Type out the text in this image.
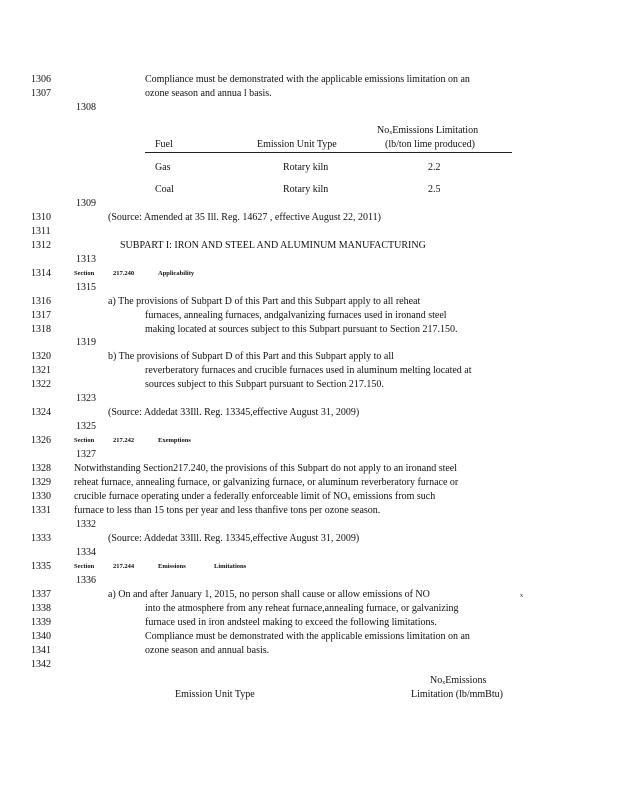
1306
1307
1308
1309
1310
1311
1312
1313
1314
1315
1316
1317
1318
1319
1320
1321
1322
1323
1324
1325
1326
1327
1328
1329
1330
1331
1332
1333
1334
1335
1336
1337
1338
1339
1340
1341
1342
Compliance must be demonstrated with the applicable emissions limitation on an
ozone season and annua l basis.
$No_xEmissions$ Limitation
Fuel	Emission Unit Type	(lb/ton lime produced)
Gas	Rotary kiln	2.2
Coal	Rotary kiln	2.5
(Source: Amended at 35 Ill. Reg. 14627 , effective August 22, 2011)
SUBPART I: IRON AND STEEL AND ALUMINUM MANUFACTURING
Section	217.240	Applicability
a) The provisions of Subpart D of this Part and this Subpart apply to all reheat
furnaces, annealing furnaces, andgalvanizing furnaces used in ironand steel
making located at sources subject to this Subpart pursuant to Section 217.150.
b) The provisions of Subpart D of this Part and this Subpart apply to all
reverberatory furnaces and crucible furnaces used in aluminum melting located at
sources subject to this Subpart pursuant to Section 217.150.
(Source: Addedat 33Ill. Reg. 13345,effective August 31, 2009)
Section	217.242	Exemptions
Notwithstanding Section217.240, the provisions of this Subpart do not apply to an ironand steel
reheat furnace, annealing furnace, or galvanizing furnace, or aluminum reverberatory furnace or
crucible furnace operating under a federally enforceable limit of $NO_x$ emissions from such
furnace to less than 15 tons per year and less thanfive tons per ozone season.
(Source: Addedat 33Ill. Reg. 13345,effective August 31, 2009)
Section	217.244	Emissions	Limitations
a) On and after January 1, 2015, no person shall cause or allow emissions of NO	x
into the atmosphere from any reheat furnace,annealing furnace, or galvanizing
furnace used in iron andsteel making to exceed the following limitations.
Compliance must be demonstrated with the applicable emissions limitation on an
ozone season and annual basis.
$No_xEmissions$
Emission Unit Type	Limitation (lb/mmBtu)
